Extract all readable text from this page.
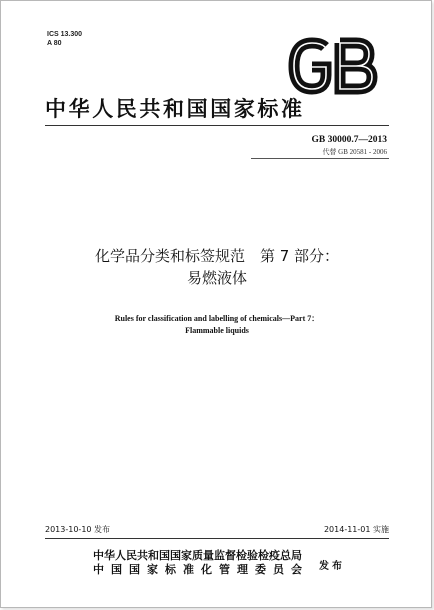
ICS 13.300
A 80
中华人民共和国国家标准
GB 30000.7—2013
代替 GB 20581 - 2006
化学品分类和标签规范　第 7 部分：
易燃液体
Rules for classification and labelling of chemicals—Part 7：
Flammable liquids
2013-10-10 发布	2014-11-01 实施
中华人民共和国国家质量监督检验检疫总局
中国国家标准化管理委员会 发布
